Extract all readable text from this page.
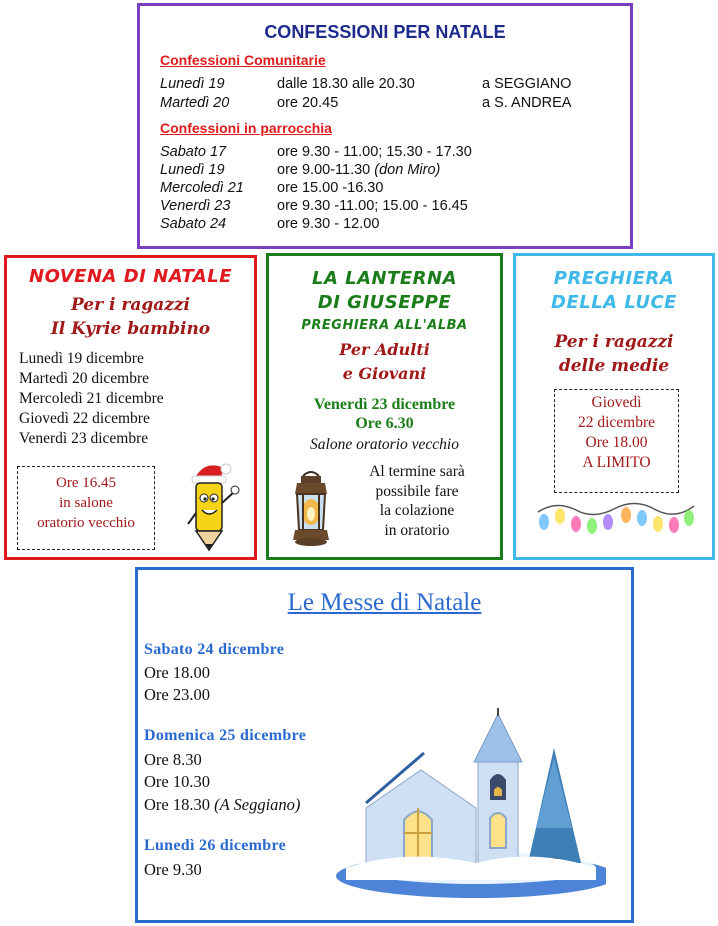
CONFESSIONI PER NATALE
Confessioni Comunitarie
Lunedì 19	dalle 18.30 alle 20.30	a SEGGIANO
Martedì 20	ore 20.45	a S. ANDREA
Confessioni in parrocchia
Sabato 17	ore 9.30 - 11.00; 15.30 - 17.30
Lunedì 19	ore 9.00-11.30 (don Miro)
Mercoledì 21 ore 15.00 -16.30
Venerdì 23	ore 9.30 -11.00; 15.00 - 16.45
Sabato 24	ore 9.30 - 12.00
NOVENA DI NATALE
Per i ragazzi
Il Kyrie bambino
Lunedì 19 dicembre
Martedì 20 dicembre
Mercoledì 21 dicembre
Giovedì 22 dicembre
Venerdì 23 dicembre
Ore 16.45
in salone
oratorio vecchio
LA LANTERNA
DI GIUSEPPE
PREGHIERA ALL'ALBA
Per Adulti
e Giovani
Venerdì 23 dicembre
Ore 6.30
Salone oratorio vecchio
Al termine sarà
possibile fare
la colazione
in oratorio
PREGHIERA
DELLA LUCE
Per i ragazzi
delle medie
Giovedì
22 dicembre
Ore 18.00
A LIMITO
Le Messe di Natale
Sabato 24 dicembre
Ore 18.00
Ore 23.00
Domenica 25 dicembre
Ore 8.30
Ore 10.30
Ore 18.30 (A Seggiano)
Lunedì 26 dicembre
Ore 9.30
